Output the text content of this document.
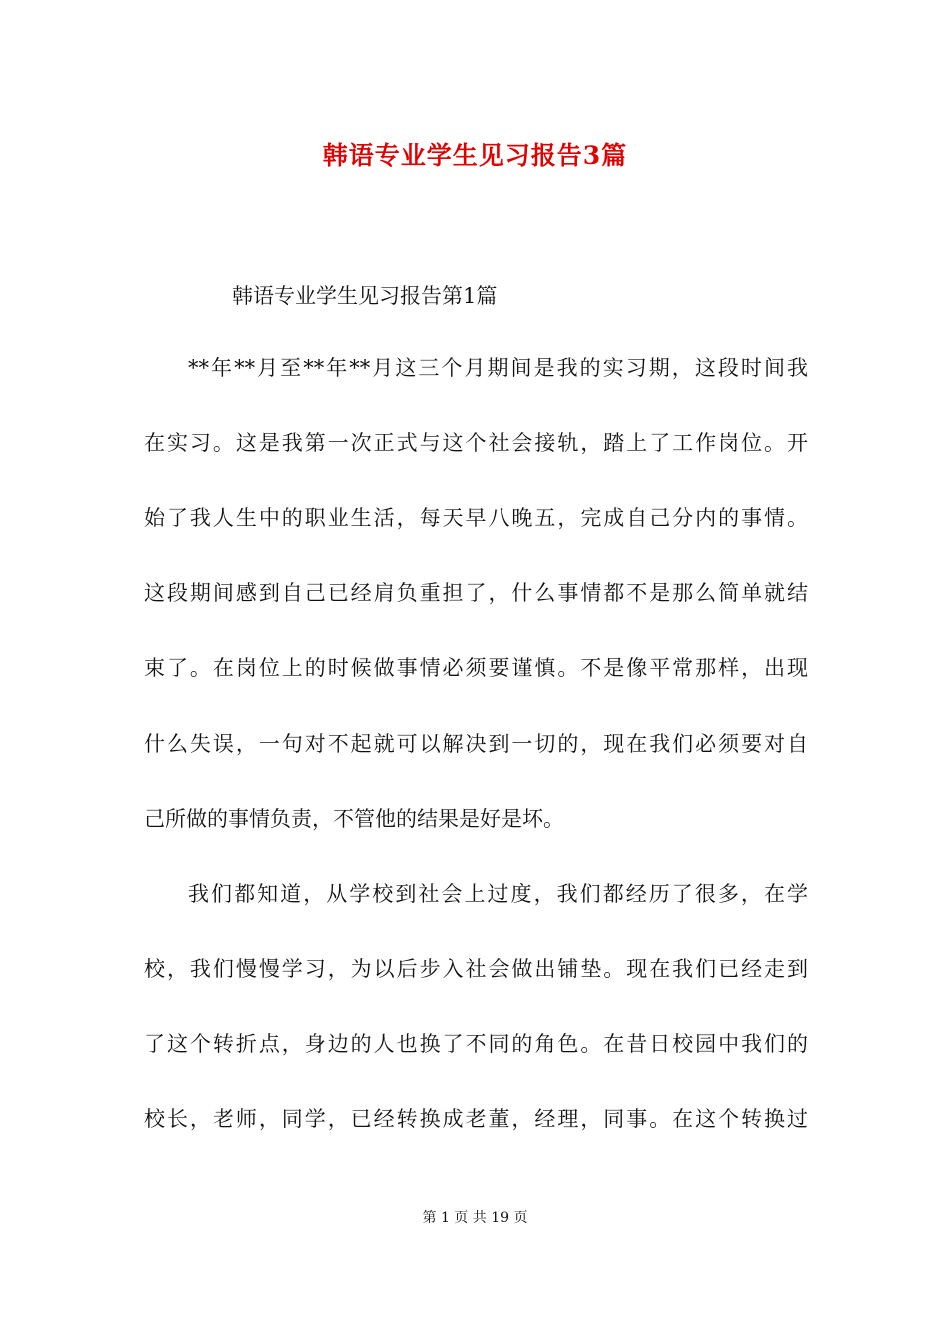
韩语专业学生见习报告3篇

韩语专业学生见习报告第1篇

**年**月至**年**月这三个月期间是我的实习期，这段时间我

在实习。这是我第一次正式与这个社会接轨，踏上了工作岗位。开

始了我人生中的职业生活，每天早八晚五，完成自己分内的事情。

这段期间感到自己已经肩负重担了，什么事情都不是那么简单就结

束了。在岗位上的时候做事情必须要谨慎。不是像平常那样，出现

什么失误，一句对不起就可以解决到一切的，现在我们必须要对自

己所做的事情负责，不管他的结果是好是坏。

我们都知道，从学校到社会上过度，我们都经历了很多，在学

校，我们慢慢学习，为以后步入社会做出铺垫。现在我们已经走到

了这个转折点，身边的人也换了不同的角色。在昔日校园中我们的

校长，老师，同学，已经转换成老董，经理，同事。在这个转换过

第 1 页 共 19 页
